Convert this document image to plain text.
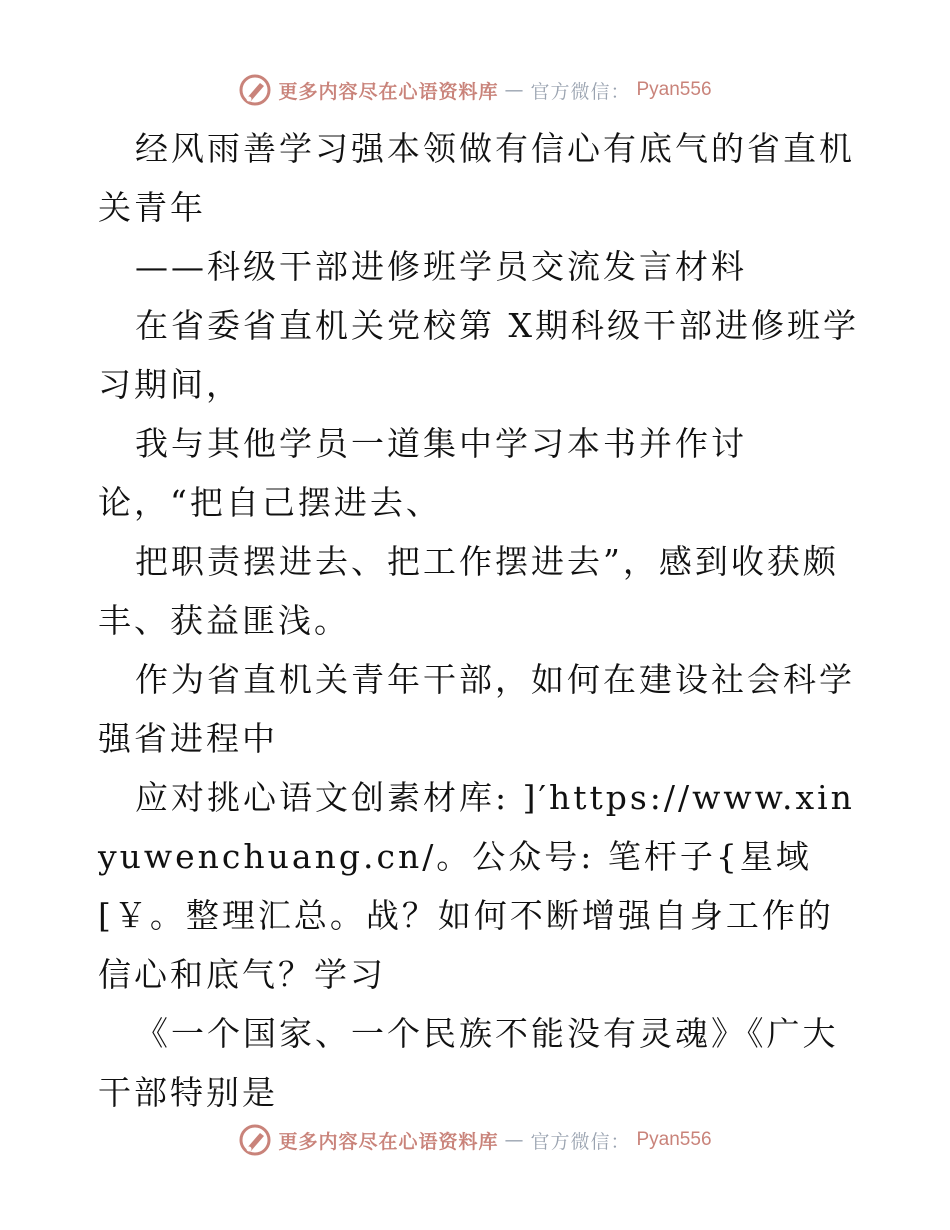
更多内容尽在心语资料库 — 官方微信： Pyan556

经风雨善学习强本领做有信心有底气的省直机关青年

——科级干部进修班学员交流发言材料

在省委省直机关党校第 X期科级干部进修班学习期间，

我与其他学员一道集中学习本书并作讨论，“把自己摆进去、

把职责摆进去、把工作摆进去”，感到收获颇丰、获益匪浅。

作为省直机关青年干部，如何在建设社会科学强省进程中

应对挑心语文创素材库: ]′https://www.xinyuwenchuang.cn/。公众号: 笔杆子{星域[￥。整理汇总。战？如何不断增强自身工作的信心和底气？学习

《一个国家、一个民族不能没有灵魂》《广大干部特别是

更多内容尽在心语资料库 — 官方微信： Pyan556
